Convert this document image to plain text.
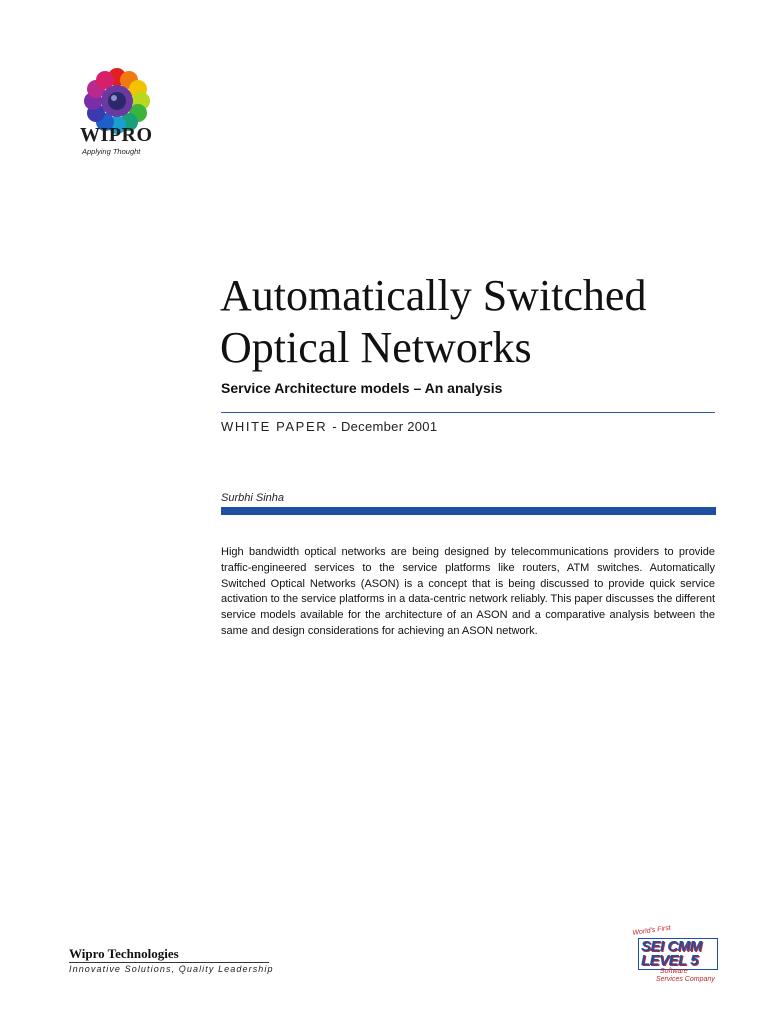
WIPRO
Applying Thought
Automatically Switched
Optical Networks
Service Architecture models – An analysis
WHITE PAPER - December 2001
Surbhi Sinha

High bandwidth optical networks are being designed by telecommunications providers to provide traffic-engineered services to the service platforms like routers, ATM switches. Automatically Switched Optical Networks (ASON) is a concept that is being discussed to provide quick service activation to the service platforms in a data-centric network reliably. This paper discusses the different service models available for the architecture of an ASON and a comparative analysis between the same and design considerations for achieving an ASON network.

Wipro Technologies
Innovative Solutions, Quality Leadership
World's First
SEI CMM
LEVEL 5
Software
Services Company
